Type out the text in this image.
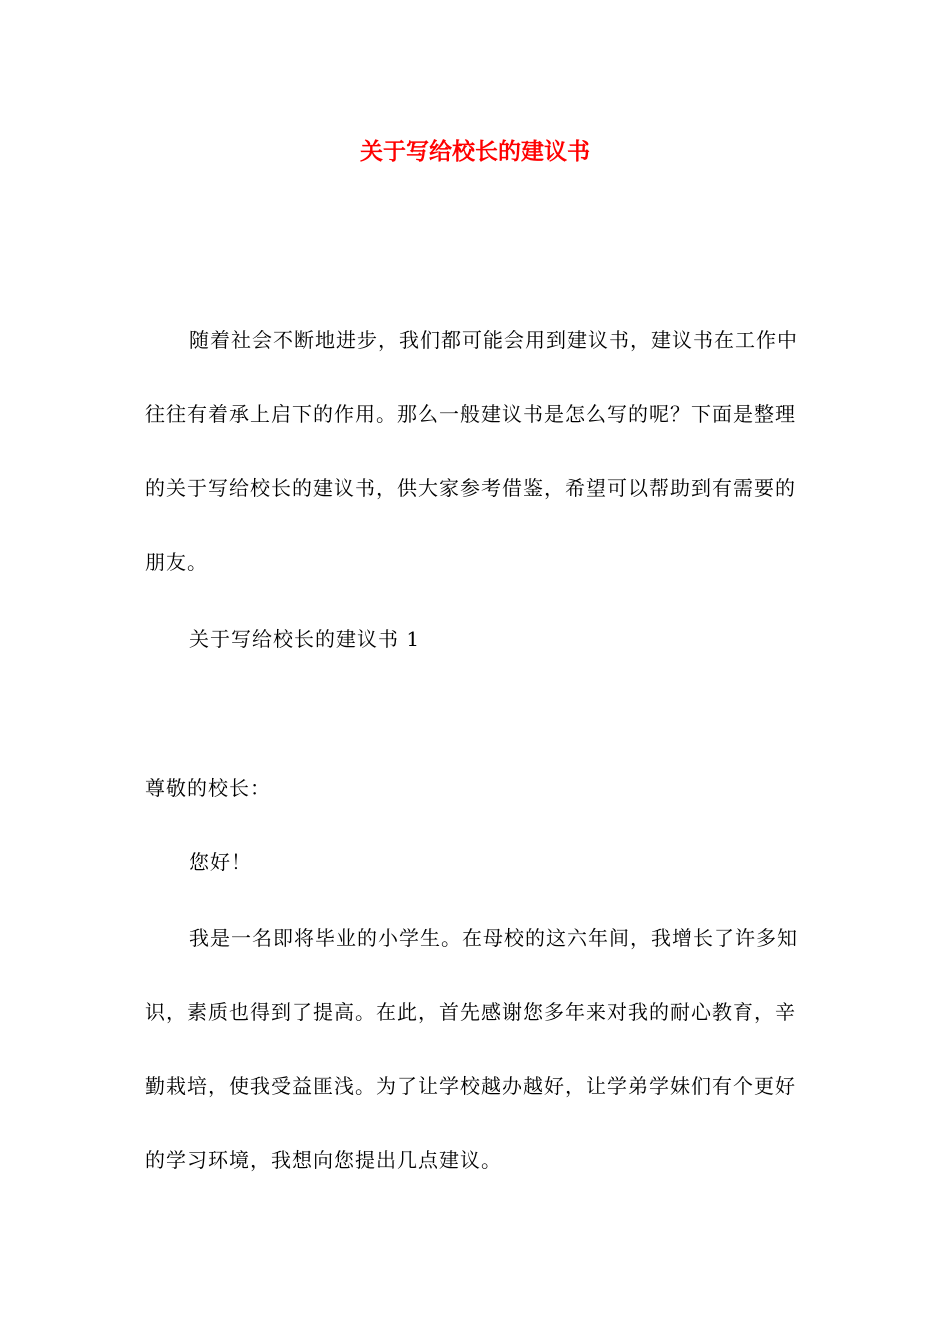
关于写给校长的建议书

随着社会不断地进步，我们都可能会用到建议书，建议书在工作中往往有着承上启下的作用。那么一般建议书是怎么写的呢？下面是整理的关于写给校长的建议书，供大家参考借鉴，希望可以帮助到有需要的朋友。

关于写给校长的建议书 1

尊敬的校长：

您好！

我是一名即将毕业的小学生。在母校的这六年间，我增长了许多知识，素质也得到了提高。在此，首先感谢您多年来对我的耐心教育，辛勤栽培，使我受益匪浅。为了让学校越办越好，让学弟学妹们有个更好的学习环境，我想向您提出几点建议。
